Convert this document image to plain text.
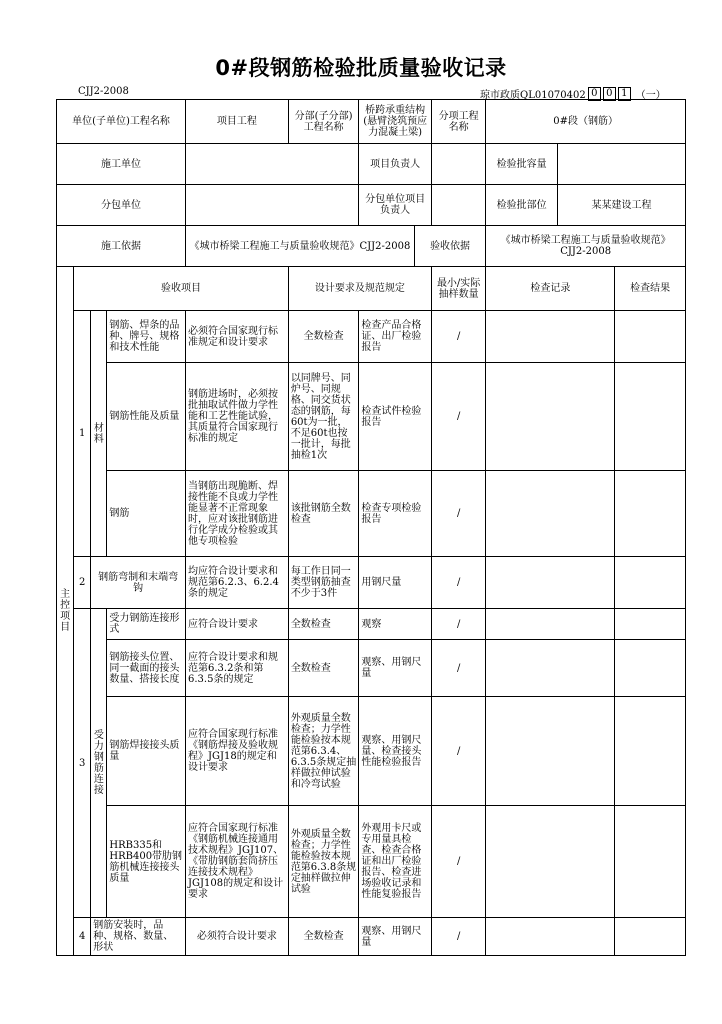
0#段钢筋检验批质量验收记录
CJJ2-2008	琼市政质QL01070402 0 0 1 （一）
单位(子单位)工程名称				项目工程	分部(子分部)工程名称	桥跨承重结构(悬臂浇筑预应力混凝土梁)		分项工程名称	0#段（钢筋）		
施工单位						项目负责人			检验批容量		
分包单位						分包单位项目负责人			检验批部位	某某建设工程	
施工依据				《城市桥梁工程施工与质量验收规范》CJJ2-2008			验收依据		《城市桥梁工程施工与质量验收规范》CJJ2-2008		
主控项目	验收项目				设计要求及规范规定			最小/实际抽样数量	检查记录		检查结果
	1	材料	钢筋、焊条的品种、牌号、规格和技术性能	必须符合国家现行标准规定和设计要求	全数检查	检查产品合格证、出厂检验报告		/			
			钢筋性能及质量	钢筋进场时，必须按批抽取试件做力学性能和工艺性能试验，其质量符合国家现行标准的规定	以同牌号、同炉号、同规格、同交货状态的钢筋，每60t为一批，不足60t也按一批计，每批抽检1次	检查试件检验报告		/			
			钢筋	当钢筋出现脆断、焊接性能不良或力学性能显著不正常现象时，应对该批钢筋进行化学成分检验或其他专项检验	该批钢筋全数检查	检查专项检验报告		/			
	2	钢筋弯制和末端弯钩		均应符合设计要求和规范第6.2.3、6.2.4条的规定	每工作日同一类型钢筋抽查不少于3件	用钢尺量		/			
	3	受力钢筋连接	受力钢筋连接形式	应符合设计要求	全数检查	观察		/			
			钢筋接头位置、同一截面的接头数量、搭接长度	应符合设计要求和规范第6.3.2条和第6.3.5条的规定	全数检查	观察、用钢尺量		/			
			钢筋焊接接头质量	应符合国家现行标准《钢筋焊接及验收规程》JGJ18的规定和设计要求	外观质量全数检查；力学性能检验按本规范第6.3.4、6.3.5条规定抽样做拉伸试验和冷弯试验	观察、用钢尺量、检查接头性能检验报告		/			
			HRB335和HRB400带肋钢筋机械连接接头质量	应符合国家现行标准《钢筋机械连接通用技术规程》JGJ107、《带肋钢筋套筒挤压连接技术规程》JGJ108的规定和设计要求	外观质量全数检查；力学性能检验按本规范第6.3.8条规定抽样做拉伸试验	外观用卡尺或专用量具检查、检查合格证和出厂检验报告、检查进场验收记录和性能复验报告		/			
	4	钢筋安装时，品种、规格、数量、形状		必须符合设计要求	全数检查	观察、用钢尺量		/			
